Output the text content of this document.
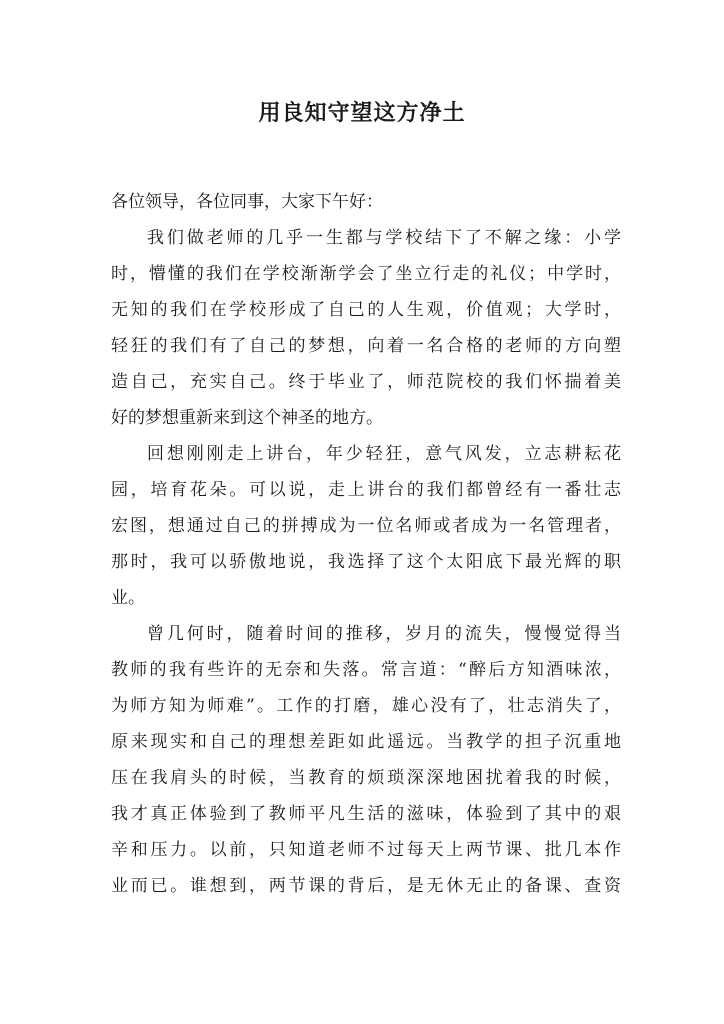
用良知守望这方净土

各位领导，各位同事，大家下午好：

我们做老师的几乎一生都与学校结下了不解之缘：小学

时，懵懂的我们在学校渐渐学会了坐立行走的礼仪；中学时，

无知的我们在学校形成了自己的人生观，价值观；大学时，

轻狂的我们有了自己的梦想，向着一名合格的老师的方向塑

造自己，充实自己。终于毕业了，师范院校的我们怀揣着美

好的梦想重新来到这个神圣的地方。

回想刚刚走上讲台，年少轻狂，意气风发，立志耕耘花

园，培育花朵。可以说，走上讲台的我们都曾经有一番壮志

宏图，想通过自己的拼搏成为一位名师或者成为一名管理者，

那时，我可以骄傲地说，我选择了这个太阳底下最光辉的职

业。

曾几何时，随着时间的推移，岁月的流失，慢慢觉得当

教师的我有些许的无奈和失落。常言道：“醉后方知酒味浓，

为师方知为师难”。工作的打磨，雄心没有了，壮志消失了，

原来现实和自己的理想差距如此遥远。当教学的担子沉重地

压在我肩头的时候，当教育的烦琐深深地困扰着我的时候，

我才真正体验到了教师平凡生活的滋味，体验到了其中的艰

辛和压力。以前，只知道老师不过每天上两节课、批几本作

业而已。谁想到，两节课的背后，是无休无止的备课、查资
